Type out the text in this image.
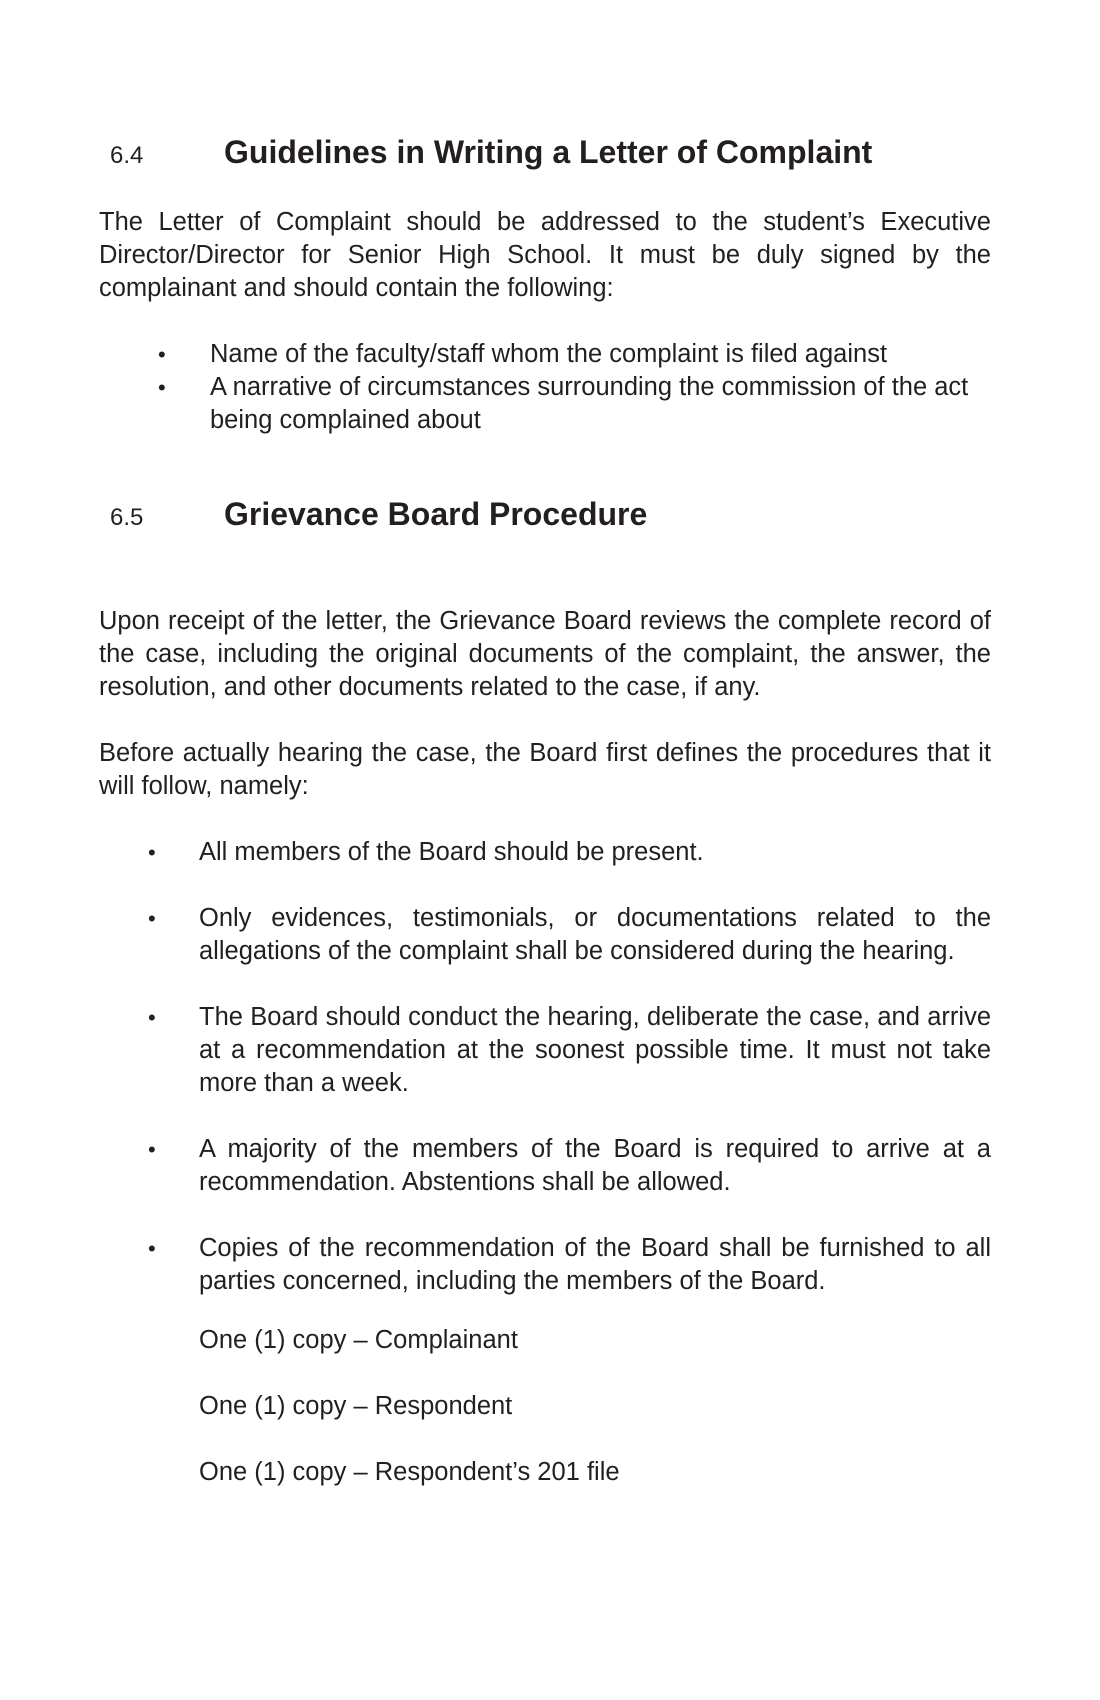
6.4	Guidelines in Writing a Letter of Complaint

The Letter of Complaint should be addressed to the student’s Executive Director/Director for Senior High School. It must be duly signed by the complainant and should contain the following:

• Name of the faculty/staff whom the complaint is filed against
• A narrative of circumstances surrounding the commission of the act being complained about
6.5	Grievance Board Procedure

Upon receipt of the letter, the Grievance Board reviews the complete record of the case, including the original documents of the complaint, the answer, the resolution, and other documents related to the case, if any.

Before actually hearing the case, the Board first defines the procedures that it will follow, namely:

• All members of the Board should be present.
• Only evidences, testimonials, or documentations related to the allegations of the complaint shall be considered during the hearing.
• The Board should conduct the hearing, deliberate the case, and arrive at a recommendation at the soonest possible time. It must not take more than a week.
• A majority of the members of the Board is required to arrive at a recommendation. Abstentions shall be allowed.
• Copies of the recommendation of the Board shall be furnished to all parties concerned, including the members of the Board.
One (1) copy – Complainant
One (1) copy – Respondent
One (1) copy – Respondent’s 201 file
